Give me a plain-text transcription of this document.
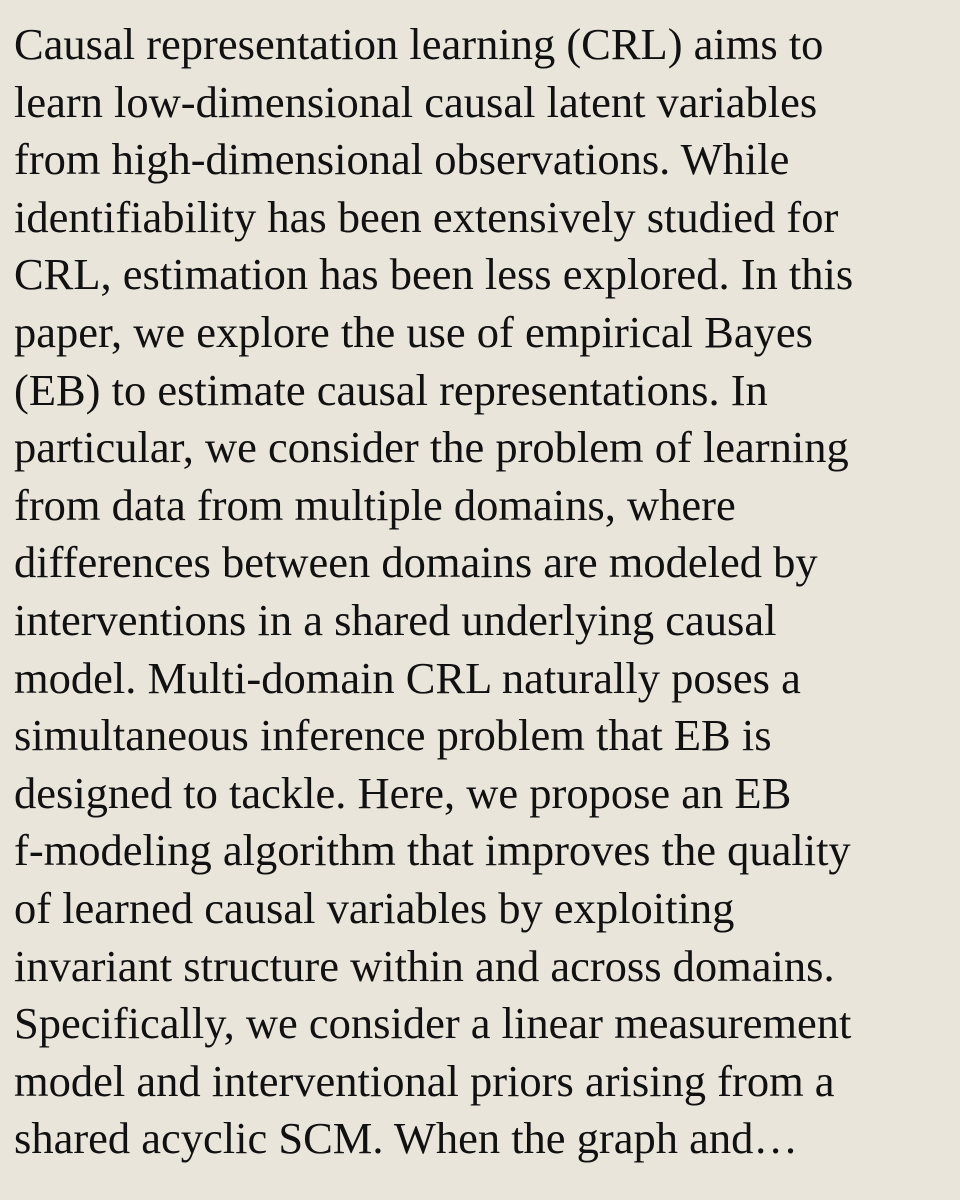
Causal representation learning (CRL) aims to
learn low-dimensional causal latent variables
from high-dimensional observations. While
identifiability has been extensively studied for
CRL, estimation has been less explored. In this
paper, we explore the use of empirical Bayes
(EB) to estimate causal representations. In
particular, we consider the problem of learning
from data from multiple domains, where
differences between domains are modeled by
interventions in a shared underlying causal
model. Multi-domain CRL naturally poses a
simultaneous inference problem that EB is
designed to tackle. Here, we propose an EB
f-modeling algorithm that improves the quality
of learned causal variables by exploiting
invariant structure within and across domains.
Specifically, we consider a linear measurement
model and interventional priors arising from a
shared acyclic SCM. When the graph and…
